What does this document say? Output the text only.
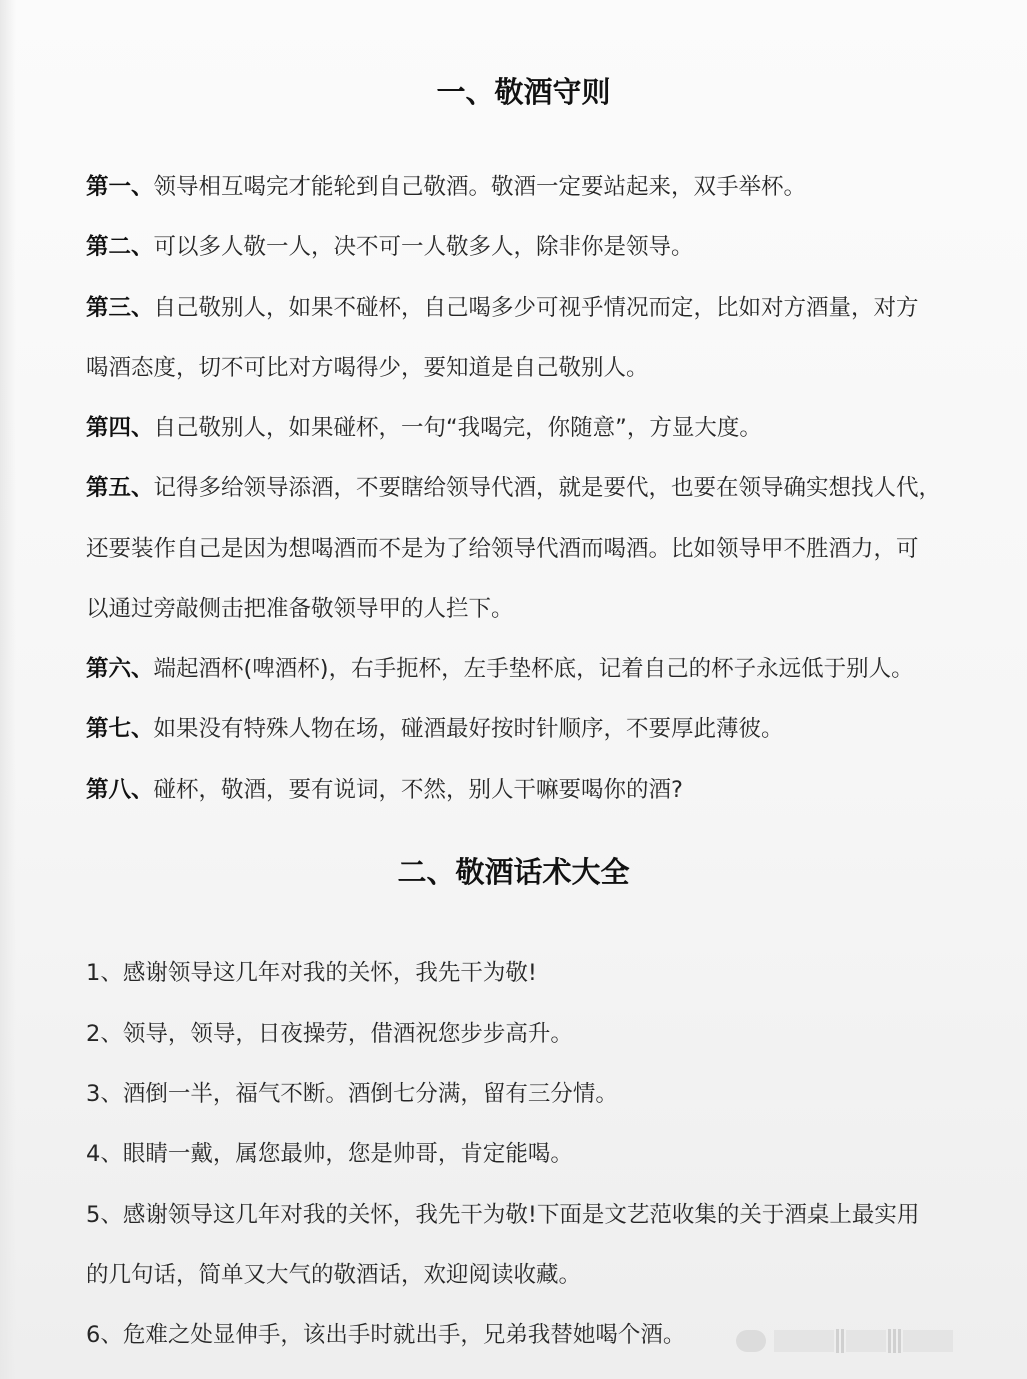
一、敬酒守则
第一、领导相互喝完才能轮到自己敬酒。敬酒一定要站起来，双手举杯。
第二、可以多人敬一人，决不可一人敬多人，除非你是领导。
第三、自己敬别人，如果不碰杯，自己喝多少可视乎情况而定，比如对方酒量，对方
喝酒态度，切不可比对方喝得少，要知道是自己敬别人。
第四、自己敬别人，如果碰杯，一句“我喝完，你随意”，方显大度。
第五、记得多给领导添酒，不要瞎给领导代酒，就是要代，也要在领导确实想找人代，
还要装作自己是因为想喝酒而不是为了给领导代酒而喝酒。比如领导甲不胜酒力，可
以通过旁敲侧击把准备敬领导甲的人拦下。
第六、端起酒杯(啤酒杯)，右手扼杯，左手垫杯底，记着自己的杯子永远低于别人。
第七、如果没有特殊人物在场，碰酒最好按时针顺序，不要厚此薄彼。
第八、碰杯，敬酒，要有说词，不然，别人干嘛要喝你的酒?
二、敬酒话术大全
1、感谢领导这几年对我的关怀，我先干为敬!
2、领导，领导，日夜操劳，借酒祝您步步高升。
3、酒倒一半，福气不断。酒倒七分满，留有三分情。
4、眼睛一戴，属您最帅，您是帅哥，肯定能喝。
5、感谢领导这几年对我的关怀，我先干为敬!下面是文艺范收集的关于酒桌上最实用
的几句话，简单又大气的敬酒话，欢迎阅读收藏。
6、危难之处显伸手，该出手时就出手，兄弟我替她喝个酒。
